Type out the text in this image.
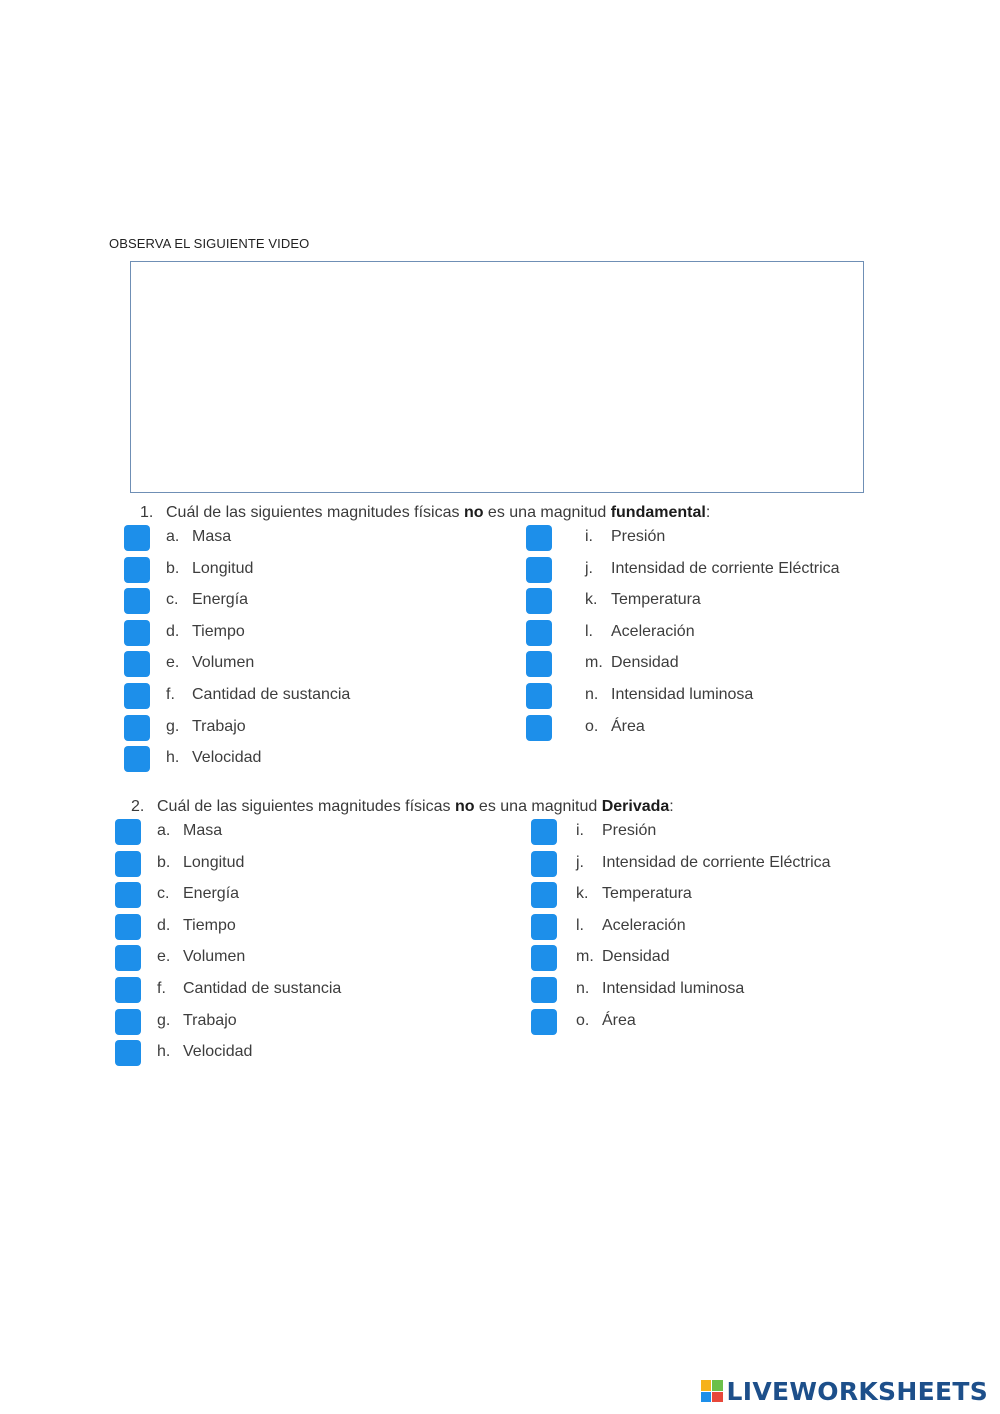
OBSERVA EL SIGUIENTE VIDEO
1. Cuál de las siguientes magnitudes físicas no es una magnitud fundamental:
a. Masa
b. Longitud
c. Energía
d. Tiempo
e. Volumen
f.	Cantidad de sustancia
g. Trabajo
h. Velocidad
i.	Presión
j.	Intensidad de corriente Eléctrica
k. Temperatura
l.	Aceleración
m. Densidad
n. Intensidad luminosa
o. Área
2. Cuál de las siguientes magnitudes físicas no es una magnitud Derivada:
a. Masa
b. Longitud
c. Energía
d. Tiempo
e. Volumen
f.	Cantidad de sustancia
g. Trabajo
h. Velocidad
i.	Presión
j.	Intensidad de corriente Eléctrica
k. Temperatura
l.	Aceleración
m. Densidad
n. Intensidad luminosa
o. Área
LIVEWORKSHEETS
